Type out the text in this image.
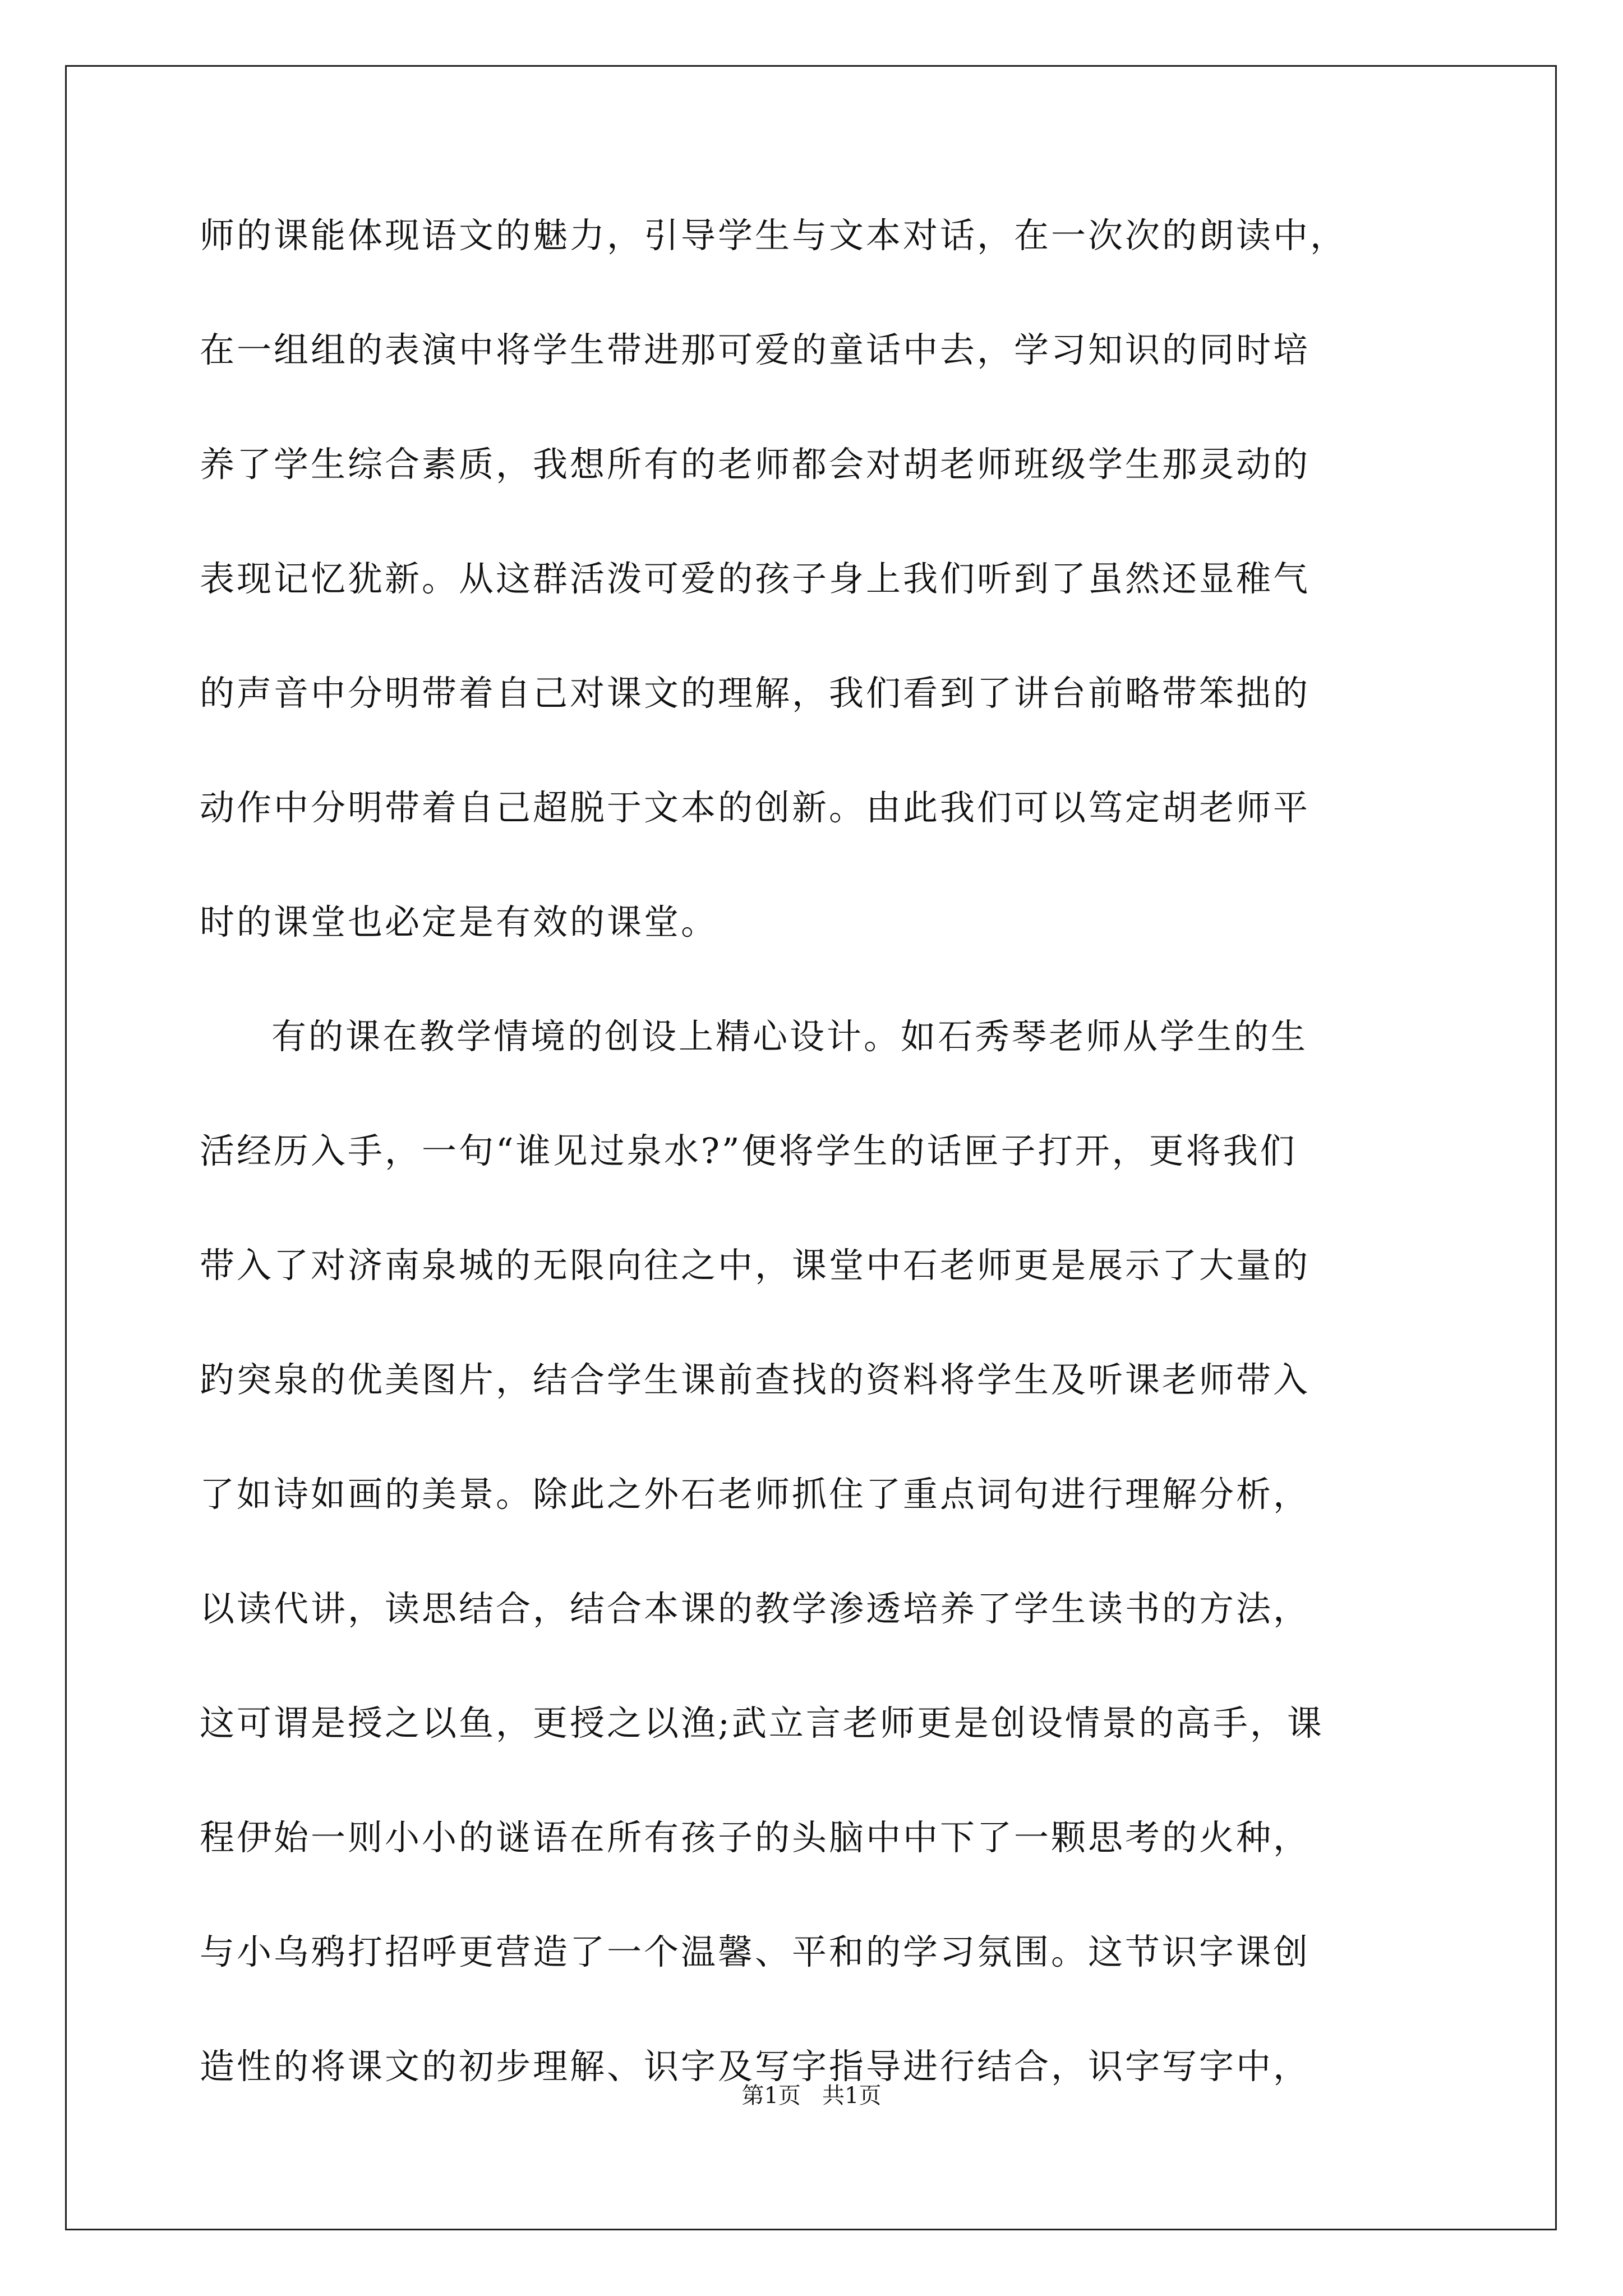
师的课能体现语文的魅力，引导学生与文本对话，在一次次的朗读中，
在一组组的表演中将学生带进那可爱的童话中去，学习知识的同时培
养了学生综合素质，我想所有的老师都会对胡老师班级学生那灵动的
表现记忆犹新。从这群活泼可爱的孩子身上我们听到了虽然还显稚气
的声音中分明带着自己对课文的理解，我们看到了讲台前略带笨拙的
动作中分明带着自己超脱于文本的创新。由此我们可以笃定胡老师平
时的课堂也必定是有效的课堂。
有的课在教学情境的创设上精心设计。如石秀琴老师从学生的生
活经历入手，一句“谁见过泉水?”便将学生的话匣子打开，更将我们
带入了对济南泉城的无限向往之中，课堂中石老师更是展示了大量的
趵突泉的优美图片，结合学生课前查找的资料将学生及听课老师带入
了如诗如画的美景。除此之外石老师抓住了重点词句进行理解分析，
以读代讲，读思结合，结合本课的教学渗透培养了学生读书的方法，
这可谓是授之以鱼，更授之以渔;武立言老师更是创设情景的高手，课
程伊始一则小小的谜语在所有孩子的头脑中中下了一颗思考的火种，
与小乌鸦打招呼更营造了一个温馨、平和的学习氛围。这节识字课创
造性的将课文的初步理解、识字及写字指导进行结合，识字写字中，
第1页   共1页
